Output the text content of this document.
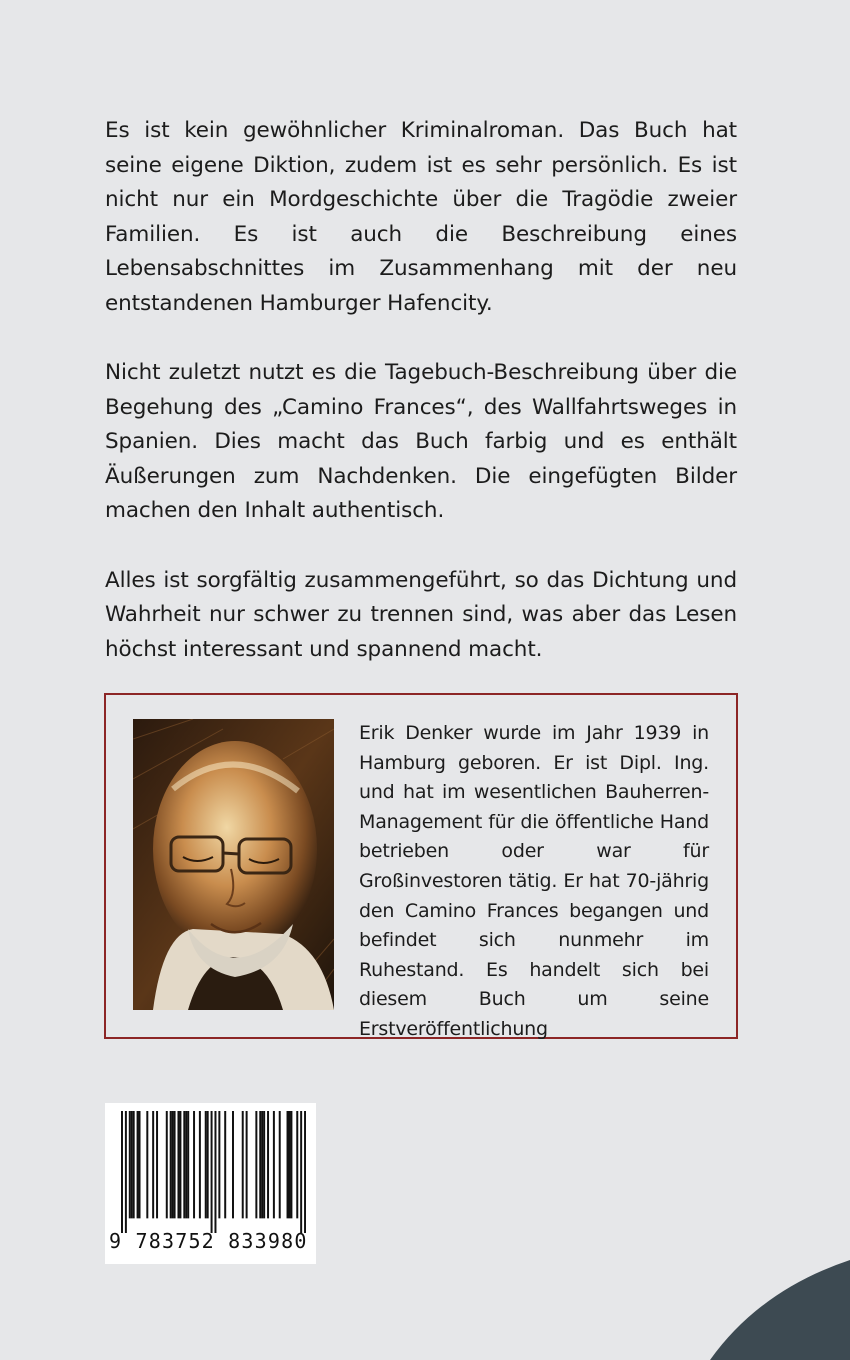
Es ist kein gewöhnlicher Kriminalroman. Das Buch hat seine eigene Diktion, zudem ist es sehr persönlich. Es ist nicht nur ein Mordgeschichte über die Tragödie zweier Familien. Es ist auch die Beschreibung eines Lebensabschnittes im Zusammenhang mit der neu entstandenen Hamburger Hafencity.

Nicht zuletzt nutzt es die Tagebuch-Beschreibung über die Begehung des „Camino Frances“, des Wallfahrtsweges in Spanien. Dies macht das Buch farbig und es enthält Äußerungen zum Nachdenken. Die eingefügten Bilder machen den Inhalt authentisch.

Alles ist sorgfältig zusammengeführt, so das Dichtung und Wahrheit nur schwer zu trennen sind, was aber das Lesen höchst interessant und spannend macht.

Erik Denker wurde im Jahr 1939 in Hamburg geboren. Er ist Dipl. Ing. und hat im wesentlichen Bauherren-Management für die öffentliche Hand betrieben oder war für Großinvestoren tätig. Er hat 70-jährig den Camino Frances begangen und befindet sich nunmehr im Ruhestand. Es handelt sich bei diesem Buch um seine Erstveröffentlichung
9 783752 833980
